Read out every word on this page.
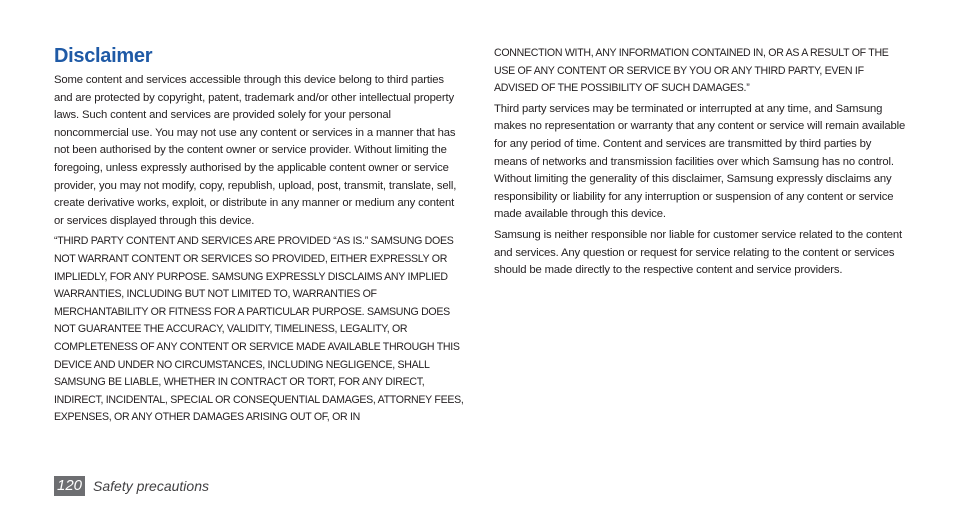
Disclaimer

Some content and services accessible through this device belong to third parties and are protected by copyright, patent, trademark and/or other intellectual property laws. Such content and services are provided solely for your personal noncommercial use. You may not use any content or services in a manner that has not been authorised by the content owner or service provider. Without limiting the foregoing, unless expressly authorised by the applicable content owner or service provider, you may not modify, copy, republish, upload, post, transmit, translate, sell, create derivative works, exploit, or distribute in any manner or medium any content or services displayed through this device.

“THIRD PARTY CONTENT AND SERVICES ARE PROVIDED “AS IS.” SAMSUNG DOES NOT WARRANT CONTENT OR SERVICES SO PROVIDED, EITHER EXPRESSLY OR IMPLIEDLY, FOR ANY PURPOSE. SAMSUNG EXPRESSLY DISCLAIMS ANY IMPLIED WARRANTIES, INCLUDING BUT NOT LIMITED TO, WARRANTIES OF MERCHANTABILITY OR FITNESS FOR A PARTICULAR PURPOSE. SAMSUNG DOES NOT GUARANTEE THE ACCURACY, VALIDITY, TIMELINESS, LEGALITY, OR COMPLETENESS OF ANY CONTENT OR SERVICE MADE AVAILABLE THROUGH THIS DEVICE AND UNDER NO CIRCUMSTANCES, INCLUDING NEGLIGENCE, SHALL SAMSUNG BE LIABLE, WHETHER IN CONTRACT OR TORT, FOR ANY DIRECT, INDIRECT, INCIDENTAL, SPECIAL OR CONSEQUENTIAL DAMAGES, ATTORNEY FEES, EXPENSES, OR ANY OTHER DAMAGES ARISING OUT OF, OR IN

CONNECTION WITH, ANY INFORMATION CONTAINED IN, OR AS A RESULT OF THE USE OF ANY CONTENT OR SERVICE BY YOU OR ANY THIRD PARTY, EVEN IF ADVISED OF THE POSSIBILITY OF SUCH DAMAGES.”

Third party services may be terminated or interrupted at any time, and Samsung makes no representation or warranty that any content or service will remain available for any period of time. Content and services are transmitted by third parties by means of networks and transmission facilities over which Samsung has no control. Without limiting the generality of this disclaimer, Samsung expressly disclaims any responsibility or liability for any interruption or suspension of any content or service made available through this device.

Samsung is neither responsible nor liable for customer service related to the content and services. Any question or request for service relating to the content or services should be made directly to the respective content and service providers.

120 Safety precautions
